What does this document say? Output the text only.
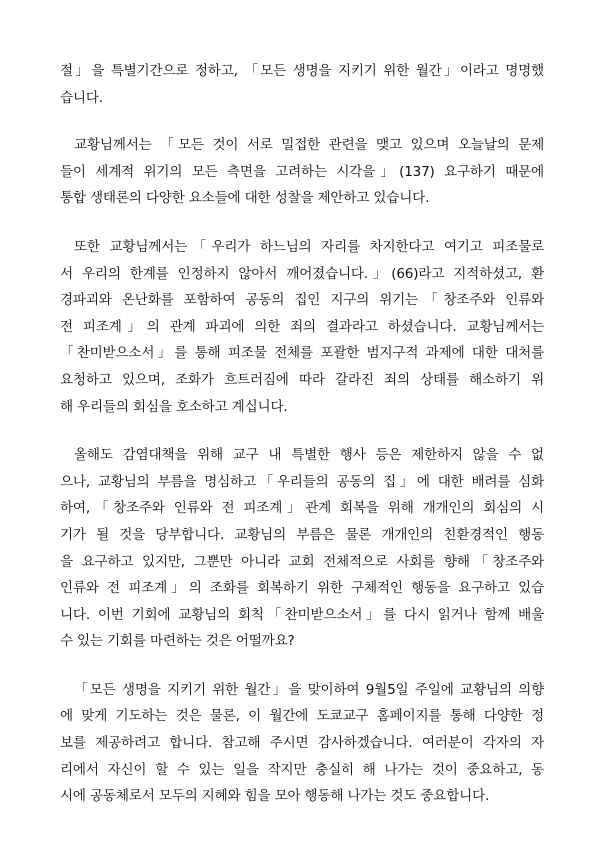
절」을 특별기간으로 정하고, 「모든 생명을 지키기 위한 월간」이라고 명명했
습니다.
교황님께서는 「모든 것이 서로 밀접한 관련을 맺고 있으며 오늘날의 문제
들이 세계적 위기의 모든 측면을 고려하는 시각을」(137) 요구하기 때문에
통합 생태론의 다양한 요소들에 대한 성찰을 제안하고 있습니다.
또한 교황님께서는「우리가 하느님의 자리를 차지한다고 여기고 피조물로
서 우리의 한계를 인정하지 않아서 깨어졌습니다.」(66)라고 지적하셨고, 환
경파괴와 온난화를 포함하여 공동의 집인 지구의 위기는「창조주와 인류와
전 피조계」의 관계 파괴에 의한 죄의 결과라고 하셨습니다. 교황님께서는
「찬미받으소서」를 통해 피조물 전체를 포괄한 범지구적 과제에 대한 대처를
요청하고 있으며, 조화가 흐트러짐에 따라 갈라진 죄의 상태를 해소하기 위
해 우리들의 회심을 호소하고 계십니다.
올해도 감염대책을 위해 교구 내 특별한 행사 등은 제한하지 않을 수 없
으나, 교황님의 부름을 명심하고「우리들의 공동의 집」에 대한 배려를 심화
하여,「창조주와 인류와 전 피조계」관계 회복을 위해 개개인의 회심의 시
기가 될 것을 당부합니다. 교황님의 부름은 물론 개개인의 친환경적인 행동
을 요구하고 있지만, 그뿐만 아니라 교회 전체적으로 사회를 향해「창조주와
인류와 전 피조계」의 조화를 회복하기 위한 구체적인 행동을 요구하고 있습
니다. 이번 기회에 교황님의 회칙「찬미받으소서」를 다시 읽거나 함께 배울
수 있는 기회를 마련하는 것은 어떨까요?
「모든 생명을 지키기 위한 월간」을 맞이하여 9월5일 주일에 교황님의 의향
에 맞게 기도하는 것은 물론, 이 월간에 도쿄교구 홈페이지를 통해 다양한 정
보를 제공하려고 합니다. 참고해 주시면 감사하겠습니다. 여러분이 각자의 자
리에서 자신이 할 수 있는 일을 작지만 충실히 해 나가는 것이 중요하고, 동
시에 공동체로서 모두의 지혜와 힘을 모아 행동해 나가는 것도 중요합니다.
